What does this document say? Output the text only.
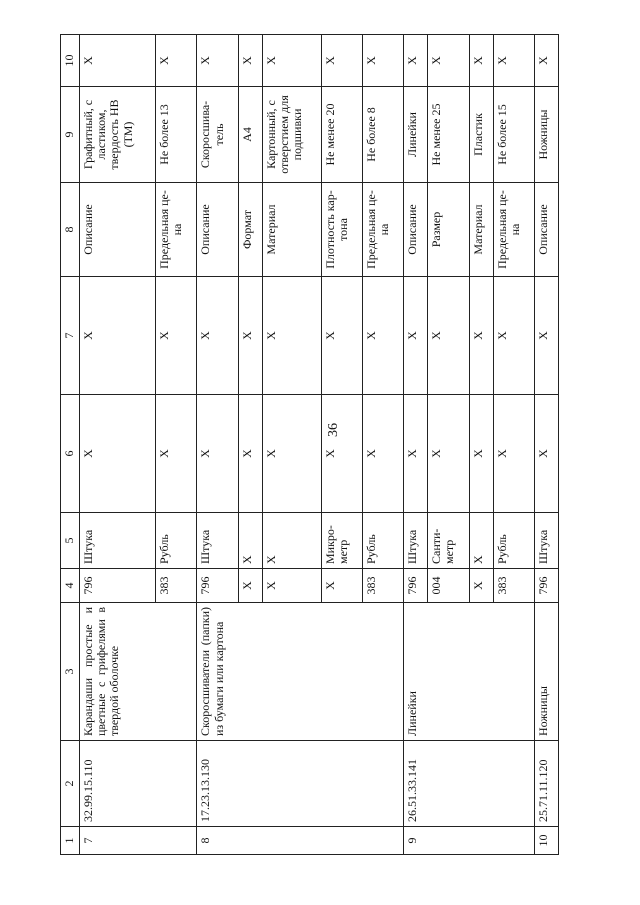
36
1	2	3	4	5	6	7	8	9	10
7	32.99.15.110	Карандаши простые и цветные с грифелями в твердой оболочке	796	Штука	X	X	Описание	Графитный, с ластиком, твердость НВ (ТМ)	X
			383	Рубль	X	X	Предельная це-на	Не более 13	X
8	17.23.13.130	Скоросшиватели (папки) из бумаги или картона	796	Штука	X	X	Описание	Скоросшива-тель	X
			X	X	X	X	Формат	А4	X
			X	X	X	X	Материал	Картонный, с отверстием для подшивки	X
			X	Микро-метр	X	X	Плотность кар-тона	Не менее 20	X
			383	Рубль	X	X	Предельная це-на	Не более 8	X
9	26.51.33.141	Линейки	796	Штука	X	X	Описание	Линейки	X
			004	Санти-метр	X	X	Размер	Не менее 25	X
			X	X	X	X	Материал	Пластик	X
			383	Рубль	X	X	Предельная це-на	Не более 15	X
10	25.71.11.120	Ножницы	796	Штука	X	X	Описание	Ножницы	X
